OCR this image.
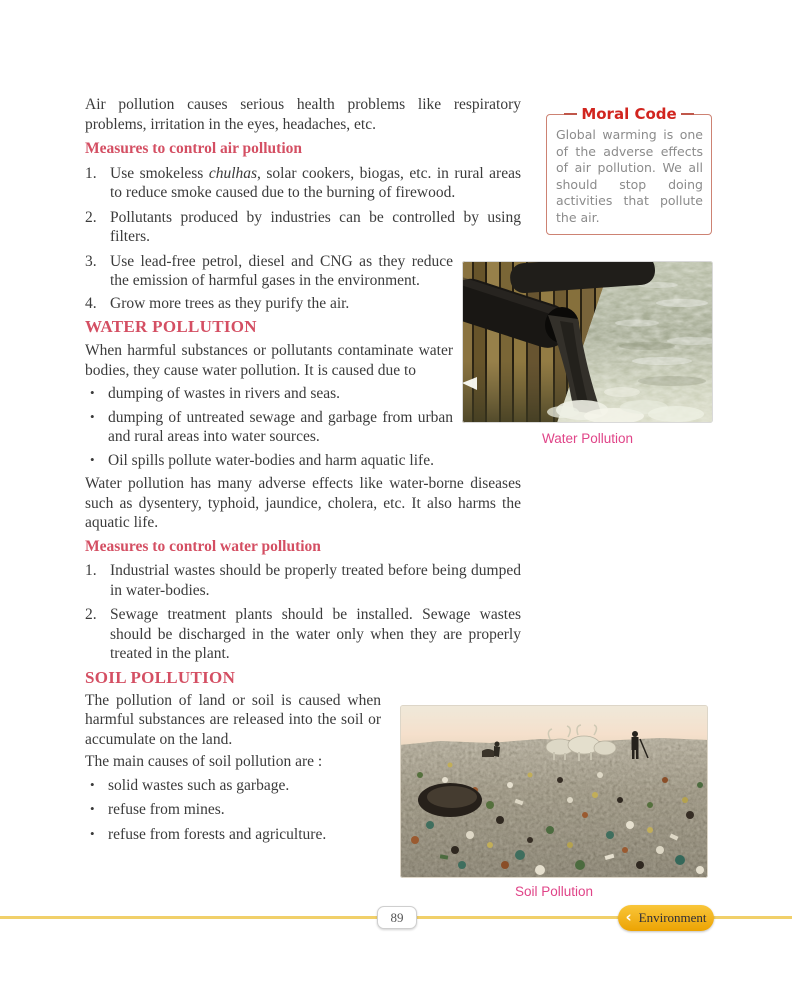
Air pollution causes serious health problems like respiratory problems, irritation in the eyes, headaches, etc.

Measures to control air pollution
1. Use smokeless chulhas, solar cookers, biogas, etc. in rural areas to reduce smoke caused due to the burning of firewood.
2. Pollutants produced by industries can be controlled by using filters.
3. Use lead-free petrol, diesel and CNG as they reduce the emission of harmful gases in the environment.
4. Grow more trees as they purify the air.
WATER POLLUTION

When harmful substances or pollutants contaminate water bodies, they cause water pollution. It is caused due to

• dumping of wastes in rivers and seas.
• dumping of untreated sewage and garbage from urban and rural areas into water sources.
• Oil spills pollute water-bodies and harm aquatic life.

Water pollution has many adverse effects like water-borne diseases such as dysentery, typhoid, jaundice, cholera, etc. It also harms the aquatic life.

Measures to control water pollution
1. Industrial wastes should be properly treated before being dumped in water-bodies.
2. Sewage treatment plants should be installed. Sewage wastes should be discharged in the water only when they are properly treated in the plant.
SOIL POLLUTION

The pollution of land or soil is caused when harmful substances are released into the soil or accumulate on the land.

The main causes of soil pollution are :

• solid wastes such as garbage.
• refuse from mines.
• refuse from forests and agriculture.
Global warming is one of the adverse effects of air pollution. We all should stop doing activities that pollute the air.
Moral Code
Water Pollution
Soil Pollution
89	‹ Environment
